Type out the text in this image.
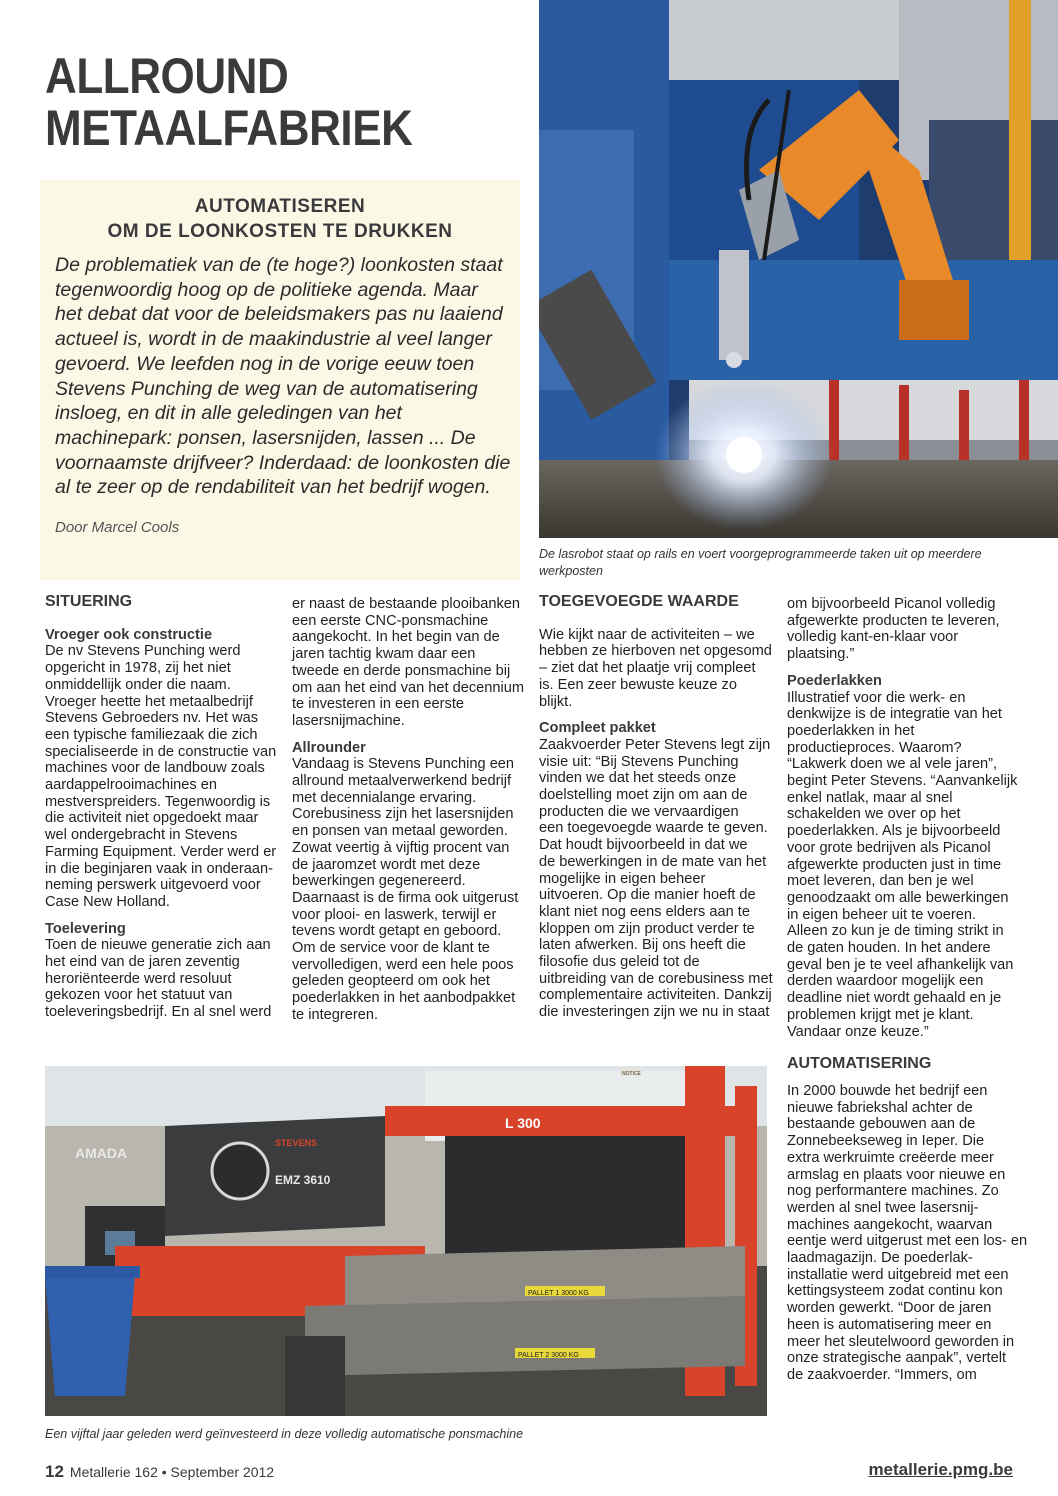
ALLROUND
METAALFABRIEK
AUTOMATISEREN
OM DE LOONKOSTEN TE DRUKKEN
De problematiek van de (te hoge?) loonkosten staat
tegenwoordig hoog op de politieke agenda. Maar
het debat dat voor de beleidsmakers pas nu laaiend
actueel is, wordt in de maakindustrie al veel langer
gevoerd. We leefden nog in de vorige eeuw toen
Stevens Punching de weg van de automatisering
insloeg, en dit in alle geledingen van het
machinepark: ponsen, lasersnijden, lassen ... De
voornaamste drijfveer? Inderdaad: de loonkosten die
al te zeer op de rendabiliteit van het bedrijf wogen.
Door Marcel Cools
De lasrobot staat op rails en voert voorgeprogrammeerde taken uit op meerdere
werkposten
SITUERING
Vroeger ook constructie
De nv Stevens Punching werd
opgericht in 1978, zij het niet
onmiddellijk onder die naam.
Vroeger heette het metaalbedrijf
Stevens Gebroeders nv. Het was
een typische familiezaak die zich
specialiseerde in de constructie van
machines voor de landbouw zoals
aardappelrooimachines en
mestverspreiders. Tegenwoordig is
die activiteit niet opgedoekt maar
wel ondergebracht in Stevens
Farming Equipment. Verder werd er
in die beginjaren vaak in onderaan-
neming perswerk uitgevoerd voor
Case New Holland.
Toelevering
Toen de nieuwe generatie zich aan
het eind van de jaren zeventig
heroriënteerde werd resoluut
gekozen voor het statuut van
toeleveringsbedrijf. En al snel werd
er naast de bestaande plooibanken
een eerste CNC-ponsmachine
aangekocht. In het begin van de
jaren tachtig kwam daar een
tweede en derde ponsmachine bij
om aan het eind van het decennium
te investeren in een eerste
lasersnijmachine.
Allrounder
Vandaag is Stevens Punching een
allround metaalverwerkend bedrijf
met decennialange ervaring.
Corebusiness zijn het lasersnijden
en ponsen van metaal geworden.
Zowat veertig à vijftig procent van
de jaaromzet wordt met deze
bewerkingen gegenereerd.
Daarnaast is de firma ook uitgerust
voor plooi- en laswerk, terwijl er
tevens wordt getapt en geboord.
Om de service voor de klant te
vervolledigen, werd een hele poos
geleden geopteerd om ook het
poederlakken in het aanbodpakket
te integreren.
TOEGEVOEGDE WAARDE
Wie kijkt naar de activiteiten – we
hebben ze hierboven net opgesomd
– ziet dat het plaatje vrij compleet
is. Een zeer bewuste keuze zo
blijkt.
Compleet pakket
Zaakvoerder Peter Stevens legt zijn
visie uit: “Bij Stevens Punching
vinden we dat het steeds onze
doelstelling moet zijn om aan de
producten die we vervaardigen
een toegevoegde waarde te geven.
Dat houdt bijvoorbeeld in dat we
de bewerkingen in de mate van het
mogelijke in eigen beheer
uitvoeren. Op die manier hoeft de
klant niet nog eens elders aan te
kloppen om zijn product verder te
laten afwerken. Bij ons heeft die
filosofie dus geleid tot de
uitbreiding van de corebusiness met
complementaire activiteiten. Dankzij
die investeringen zijn we nu in staat
om bijvoorbeeld Picanol volledig
afgewerkte producten te leveren,
volledig kant-en-klaar voor
plaatsing.”
Poederlakken
Illustratief voor die werk- en
denkwijze is de integratie van het
poederlakken in het
productieproces. Waarom?
“Lakwerk doen we al vele jaren”,
begint Peter Stevens. “Aanvankelijk
enkel natlak, maar al snel
schakelden we over op het
poederlakken. Als je bijvoorbeeld
voor grote bedrijven als Picanol
afgewerkte producten just in time
moet leveren, dan ben je wel
genoodzaakt om alle bewerkingen
in eigen beheer uit te voeren.
Alleen zo kun je de timing strikt in
de gaten houden. In het andere
geval ben je te veel afhankelijk van
derden waardoor mogelijk een
deadline niet wordt gehaald en je
problemen krijgt met je klant.
Vandaar onze keuze.”
AUTOMATISERING
In 2000 bouwde het bedrijf een
nieuwe fabriekshal achter de
bestaande gebouwen aan de
Zonnebeekseweg in Ieper. Die
extra werkruimte creëerde meer
armslag en plaats voor nieuwe en
nog performantere machines. Zo
werden al snel twee lasersnij-
machines aangekocht, waarvan
eentje werd uitgerust met een los- en
laadmagazijn. De poederlak-
installatie werd uitgebreid met een
kettingsysteem zodat continu kon
worden gewerkt. “Door de jaren
heen is automatisering meer en
meer het sleutelwoord geworden in
onze strategische aanpak”, vertelt
de zaakvoerder. “Immers, om
AMADA
EMZ 3610
STEVENS
L 300
PALLET 1 3000 KG
PALLET 2 3000 KG
NOTICE
Een vijftal jaar geleden werd geïnvesteerd in deze volledig automatische ponsmachine
12 Metallerie 162 • September 2012	metallerie.pmg.be
